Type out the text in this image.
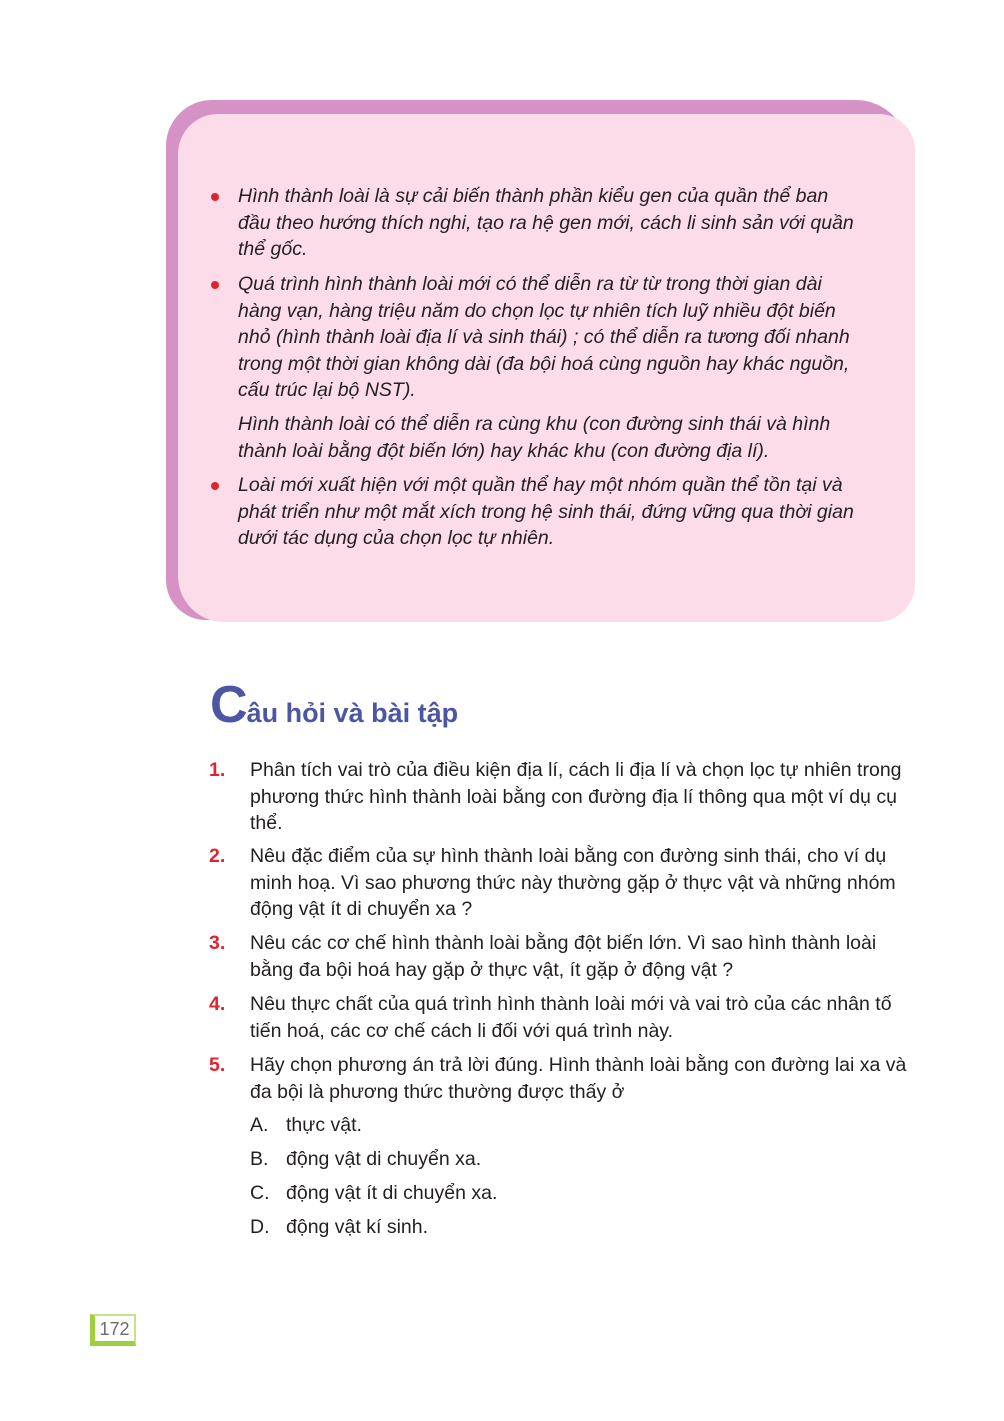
Hình thành loài là sự cải biến thành phần kiểu gen của quần thể ban đầu theo hướng thích nghi, tạo ra hệ gen mới, cách li sinh sản với quần thể gốc.
Quá trình hình thành loài mới có thể diễn ra từ từ trong thời gian dài hàng vạn, hàng triệu năm do chọn lọc tự nhiên tích luỹ nhiều đột biến nhỏ (hình thành loài địa lí và sinh thái) ; có thể diễn ra tương đối nhanh trong một thời gian không dài (đa bội hoá cùng nguồn hay khác nguồn, cấu trúc lại bộ NST).
Hình thành loài có thể diễn ra cùng khu (con đường sinh thái và hình thành loài bằng đột biến lớn) hay khác khu (con đường địa lí).
Loài mới xuất hiện với một quần thể hay một nhóm quần thể tồn tại và phát triển như một mắt xích trong hệ sinh thái, đứng vững qua thời gian dưới tác dụng của chọn lọc tự nhiên.
Câu hỏi và bài tập
1. Phân tích vai trò của điều kiện địa lí, cách li địa lí và chọn lọc tự nhiên trong phương thức hình thành loài bằng con đường địa lí thông qua một ví dụ cụ thể.
2. Nêu đặc điểm của sự hình thành loài bằng con đường sinh thái, cho ví dụ minh hoạ. Vì sao phương thức này thường gặp ở thực vật và những nhóm động vật ít di chuyển xa ?
3. Nêu các cơ chế hình thành loài bằng đột biến lớn. Vì sao hình thành loài bằng đa bội hoá hay gặp ở thực vật, ít gặp ở động vật ?
4. Nêu thực chất của quá trình hình thành loài mới và vai trò của các nhân tố tiến hoá, các cơ chế cách li đối với quá trình này.
5. Hãy chọn phương án trả lời đúng. Hình thành loài bằng con đường lai xa và đa bội là phương thức thường được thấy ở
A. thực vật.
B. động vật di chuyển xa.
C. động vật ít di chuyển xa.
D. động vật kí sinh.
172
